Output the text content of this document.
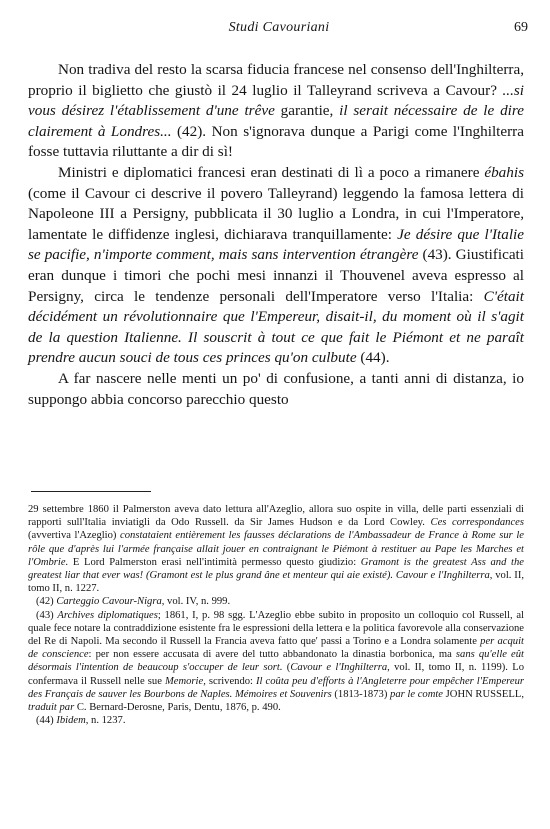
Studi Cavouriani	69

Non tradiva del resto la scarsa fiducia francese nel consenso dell'Inghilterra, proprio il biglietto che giustò il 24 luglio il Talleyrand scriveva a Cavour? ...si vous désirez l'établissement d'une trêve garantie, il serait nécessaire de le dire clairement à Londres... (42). Non s'ignorava dunque a Parigi come l'Inghilterra fosse tuttavia riluttante a dir di sì!

Ministri e diplomatici francesi eran destinati di lì a poco a rimanere ébahis (come il Cavour ci descrive il povero Talleyrand) leggendo la famosa lettera di Napoleone III a Persigny, pubblicata il 30 luglio a Londra, in cui l'Imperatore, lamentate le diffidenze inglesi, dichiarava tranquillamente: Je désire que l'Italie se pacifie, n'importe comment, mais sans intervention étrangère (43). Giustificati eran dunque i timori che pochi mesi innanzi il Thouvenel aveva espresso al Persigny, circa le tendenze personali dell'Imperatore verso l'Italia: C'était décidément un révolutionnaire que l'Empereur, disait-il, du moment où il s'agit de la question Italienne. Il souscrit à tout ce que fait le Piémont et ne paraît prendre aucun souci de tous ces princes qu'on culbute (44).

A far nascere nelle menti un po' di confusione, a tanti anni di distanza, io suppongo abbia concorso parecchio questo

29 settembre 1860 il Palmerston aveva dato lettura all'Azeglio, allora suo ospite in villa, delle parti essenziali di rapporti sull'Italia inviatigli da Odo Russell. da Sir James Hudson e da Lord Cowley. Ces correspondances (avvertiva l'Azeglio) constataient entièrement les fausses déclarations de l'Ambassadeur de France à Rome sur le rôle que d'après lui l'armée française allait jouer en contraignant le Piémont à restituer au Pape les Marches et l'Ombrie. E Lord Palmerston erasi nell'intimità permesso questo giudizio: Gramont is the greatest Ass and the greatest liar that ever was! (Gramont est le plus grand âne et menteur qui aie existé). Cavour e l'Inghilterra, vol. II, tomo II, n. 1227.

(42) Carteggio Cavour-Nigra, vol. IV, n. 999.

(43) Archives diplomatiques; 1861, I, p. 98 sgg. L'Azeglio ebbe subito in proposito un colloquio col Russell, al quale fece notare la contraddizione esistente fra le espressioni della lettera e la politica favorevole alla conservazione del Re di Napoli. Ma secondo il Russell la Francia aveva fatto que' passi a Torino e a Londra solamente per acquit de conscience: per non essere accusata di avere del tutto abbandonato la dinastia borbonica, ma sans qu'elle eût désormais l'intention de beaucoup s'occuper de leur sort. (Cavour e l'Inghilterra, vol. II, tomo II, n. 1199). Lo confermava il Russell nelle sue Memorie, scrivendo: Il coûta peu d'efforts à l'Angleterre pour empêcher l'Empereur des Français de sauver les Bourbons de Naples. Mémoires et Souvenirs (1813-1873) par le comte JOHN RUSSELL, traduit par C. Bernard-Derosne, Paris, Dentu, 1876, p. 490.

(44) Ibidem, n. 1237.
